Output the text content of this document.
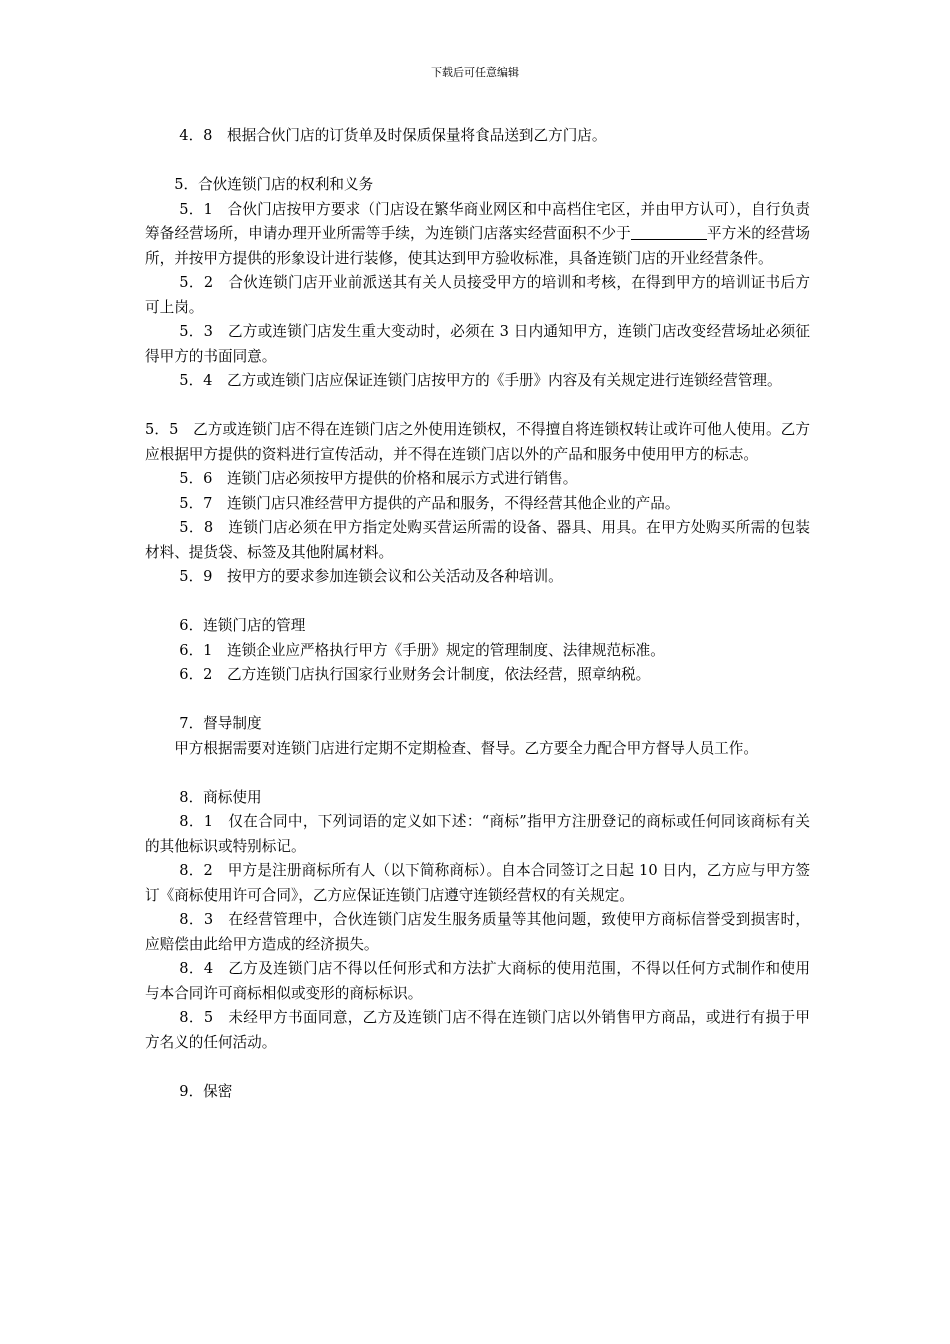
下载后可任意编辑

4．8　根据合伙门店的订货单及时保质保量将食品送到乙方门店。

5．合伙连锁门店的权利和义务

5．1　合伙门店按甲方要求（门店设在繁华商业网区和中高档住宅区，并由甲方认可），自行负责筹备经营场所，申请办理开业所需等手续，为连锁门店落实经营面积不少于	平方米的经营场所，并按甲方提供的形象设计进行装修，使其达到甲方验收标准，具备连锁门店的开业经营条件。

5．2　合伙连锁门店开业前派送其有关人员接受甲方的培训和考核，在得到甲方的培训证书后方可上岗。

5．3　乙方或连锁门店发生重大变动时，必须在 3 日内通知甲方，连锁门店改变经营场址必须征得甲方的书面同意。

5．4　乙方或连锁门店应保证连锁门店按甲方的《手册》内容及有关规定进行连锁经营管理。

5．5　乙方或连锁门店不得在连锁门店之外使用连锁权，不得擅自将连锁权转让或许可他人使用。乙方应根据甲方提供的资料进行宣传活动，并不得在连锁门店以外的产品和服务中使用甲方的标志。

5．6　连锁门店必须按甲方提供的价格和展示方式进行销售。

5．7　连锁门店只准经营甲方提供的产品和服务，不得经营其他企业的产品。

5．8　连锁门店必须在甲方指定处购买营运所需的设备、器具、用具。在甲方处购买所需的包装材料、提货袋、标签及其他附属材料。

5．9　按甲方的要求参加连锁会议和公关活动及各种培训。

6．连锁门店的管理

6．1　连锁企业应严格执行甲方《手册》规定的管理制度、法律规范标准。

6．2　乙方连锁门店执行国家行业财务会计制度，依法经营，照章纳税。

7．督导制度

甲方根据需要对连锁门店进行定期不定期检查、督导。乙方要全力配合甲方督导人员工作。

8．商标使用

8．1　仅在合同中，下列词语的定义如下述：“商标”指甲方注册登记的商标或任何同该商标有关的其他标识或特别标记。

8．2　甲方是注册商标所有人（以下简称商标）。自本合同签订之日起 10 日内，乙方应与甲方签订《商标使用许可合同》，乙方应保证连锁门店遵守连锁经营权的有关规定。

8．3　在经营管理中，合伙连锁门店发生服务质量等其他问题，致使甲方商标信誉受到损害时，应赔偿由此给甲方造成的经济损失。

8．4　乙方及连锁门店不得以任何形式和方法扩大商标的使用范围，不得以任何方式制作和使用与本合同许可商标相似或变形的商标标识。

8．5　未经甲方书面同意，乙方及连锁门店不得在连锁门店以外销售甲方商品，或进行有损于甲方名义的任何活动。

9．保密
